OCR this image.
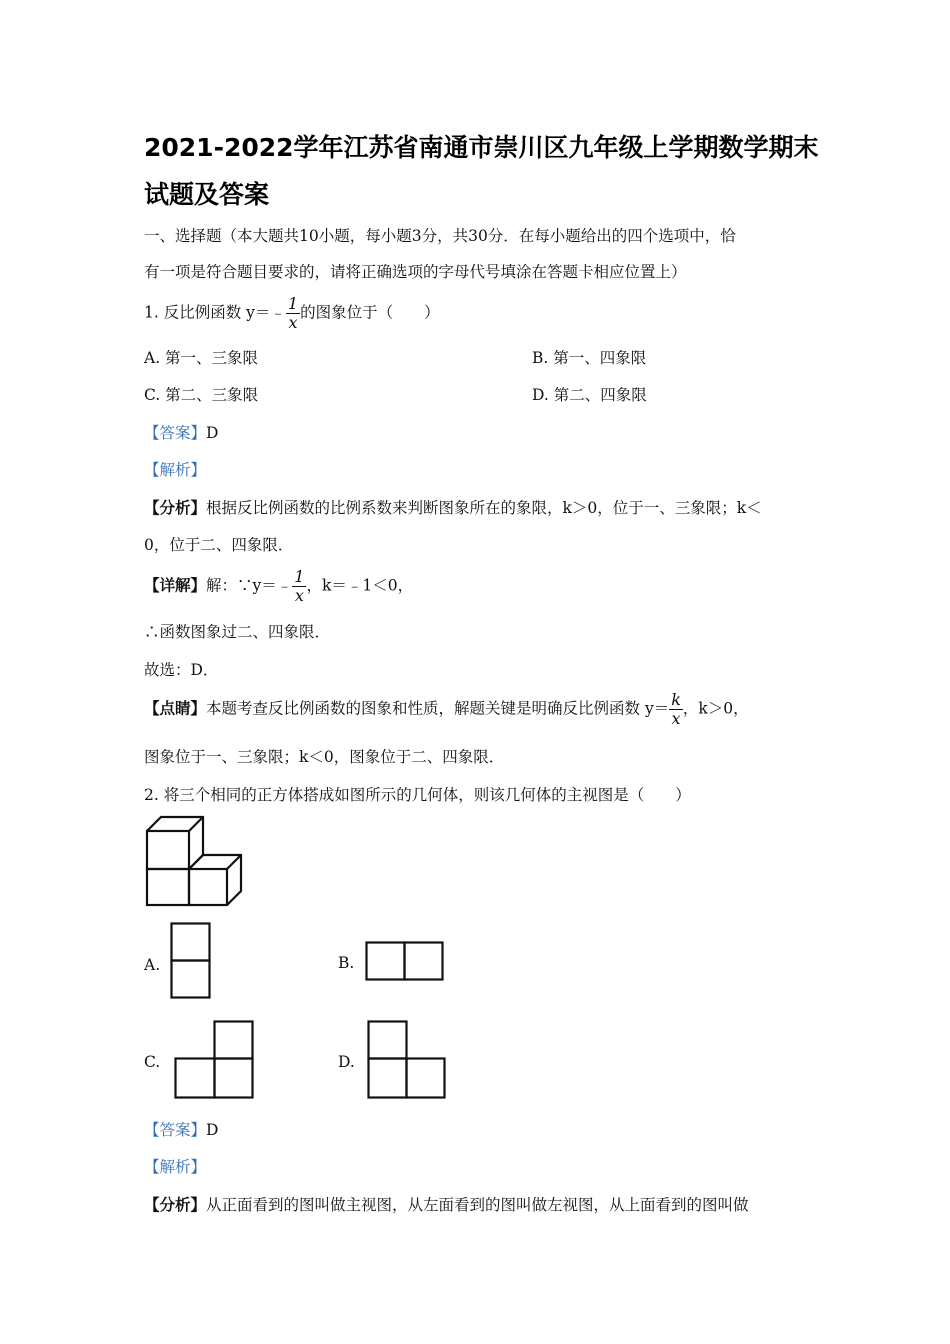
2021-2022学年江苏省南通市崇川区九年级上学期数学期末
试题及答案
一、选择题（本大题共10小题，每小题3分，共30分．在每小题给出的四个选项中，恰
有一项是符合题目要求的，请将正确选项的字母代号填涂在答题卡相应位置上）
1. 反比例函数 y＝﹣ $\frac{1}{x}$ 的图象位于（　　）
A. 第一、三象限	B. 第一、四象限
C. 第二、三象限	D. 第二、四象限
【答案】D
【解析】
【分析】根据反比例函数的比例系数来判断图象所在的象限，k＞0，位于一、三象限；k＜
0，位于二、四象限．
【详解】解：∵y＝﹣ $\frac{1}{x}$ ，k＝﹣1＜0，
∴函数图象过二、四象限．
故选：D．
【点睛】本题考查反比例函数的图象和性质，解题关键是明确反比例函数 $y= \frac{k}{x}$ ，k＞0，
图象位于一、三象限；k＜0，图象位于二、四象限．
2. 将三个相同的正方体搭成如图所示的几何体，则该几何体的主视图是（　　）
A.	B.
C.	D.
【答案】D
【解析】
【分析】从正面看到的图叫做主视图，从左面看到的图叫做左视图，从上面看到的图叫做
